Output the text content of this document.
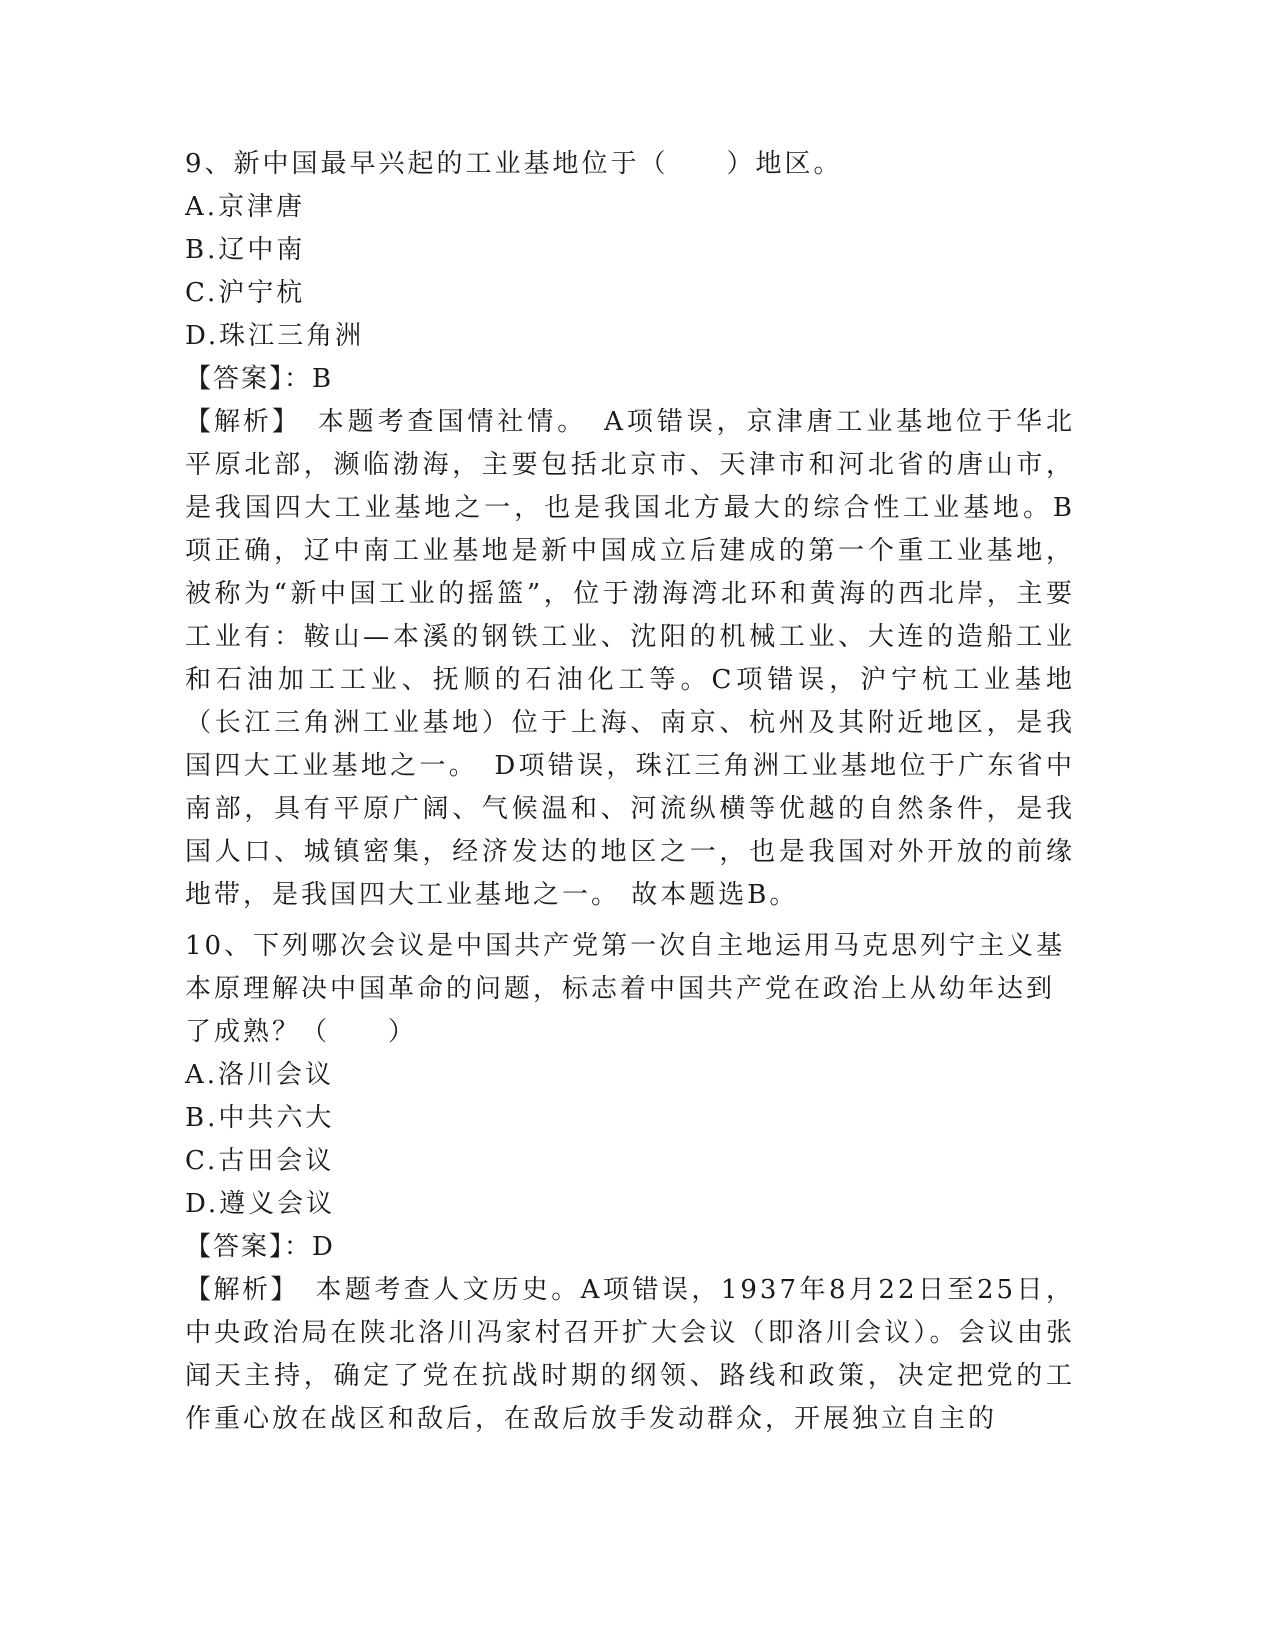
9、新中国最早兴起的工业基地位于（　　）地区。

A.京津唐
B.辽中南
C.沪宁杭
D.珠江三角洲
【答案】：B

【解析】　本题考查国情社情。　A项错误，京津唐工业基地位于华北平原北部，濒临渤海，主要包括北京市、天津市和河北省的唐山市，是我国四大工业基地之一，也是我国北方最大的综合性工业基地。B项正确，辽中南工业基地是新中国成立后建成的第一个重工业基地，被称为“新中国工业的摇篮”，位于渤海湾北环和黄海的西北岸，主要工业有：鞍山—本溪的钢铁工业、沈阳的机械工业、大连的造船工业和石油加工工业、抚顺的石油化工等。C项错误，沪宁杭工业基地（长江三角洲工业基地）位于上海、南京、杭州及其附近地区，是我国四大工业基地之一。　D项错误，珠江三角洲工业基地位于广东省中南部，具有平原广阔、气候温和、河流纵横等优越的自然条件，是我国人口、城镇密集，经济发达的地区之一，也是我国对外开放的前缘地带，是我国四大工业基地之一。 故本题选B。

10、下列哪次会议是中国共产党第一次自主地运用马克思列宁主义基本原理解决中国革命的问题，标志着中国共产党在政治上从幼年达到了成熟？（　　）

A.洛川会议
B.中共六大
C.古田会议
D.遵义会议
【答案】：D

【解析】　本题考查人文历史。A项错误，1937年8月22日至25日，中央政治局在陕北洛川冯家村召开扩大会议（即洛川会议）。会议由张闻天主持，确定了党在抗战时期的纲领、路线和政策，决定把党的工作重心放在战区和敌后，在敌后放手发动群众，开展独立自主的
